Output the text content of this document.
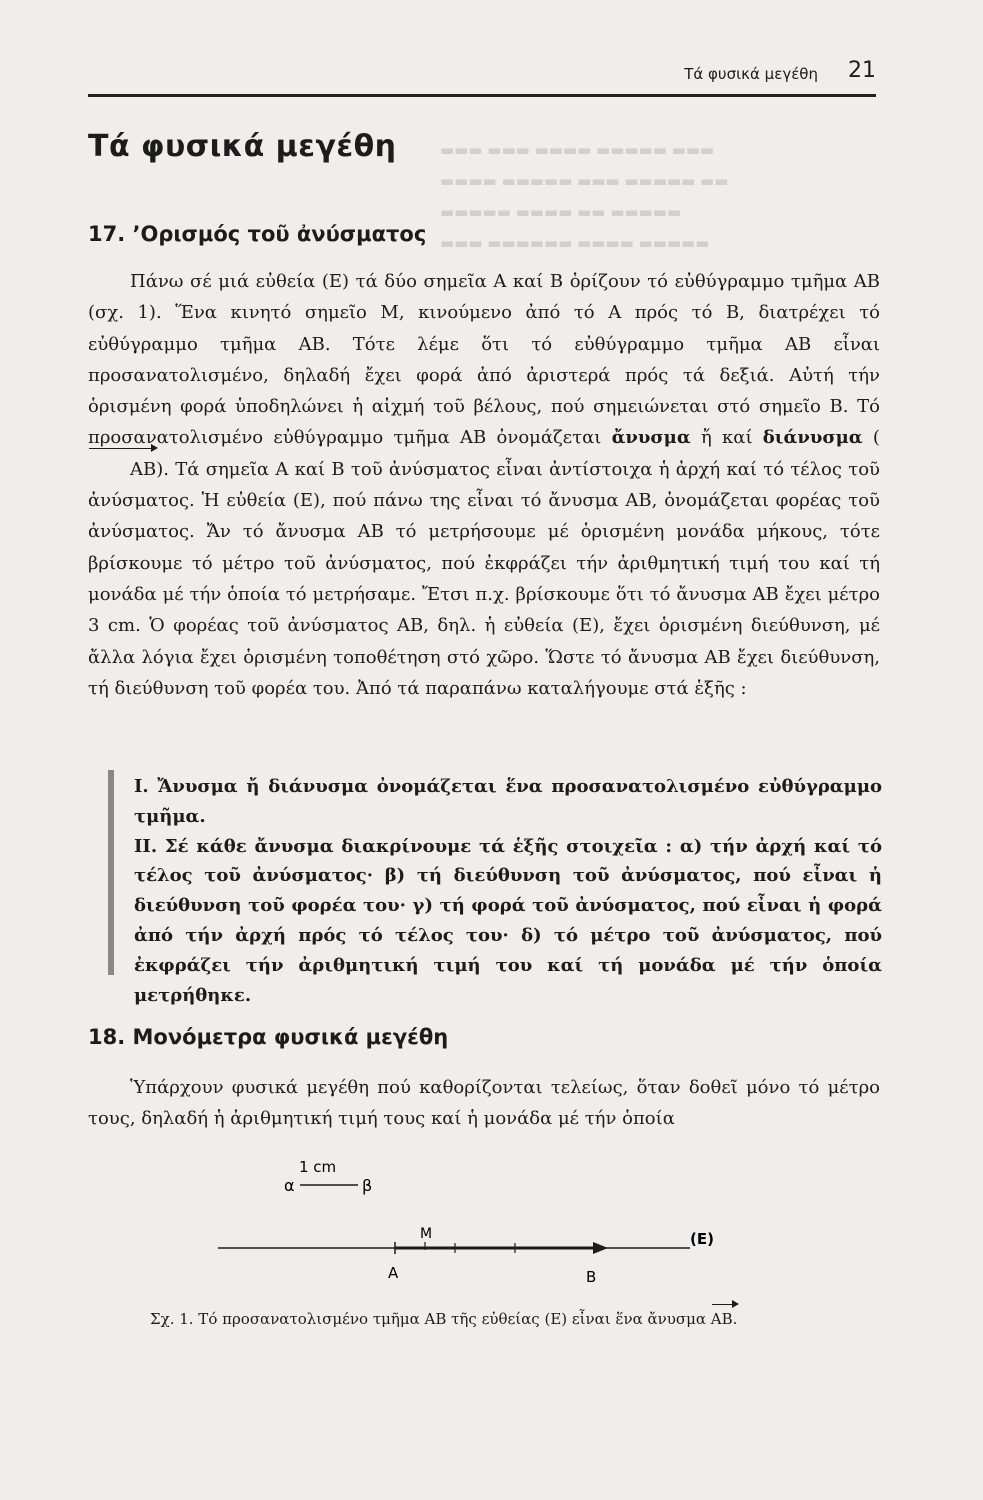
▬▬▬ ▬▬▬ ▬▬▬▬ ▬▬▬▬▬ ▬▬▬
▬▬▬▬ ▬▬▬▬▬ ▬▬▬ ▬▬▬▬▬ ▬▬
▬▬▬▬▬ ▬▬▬▬ ▬▬ ▬▬▬▬▬
▬▬▬ ▬▬▬▬▬▬ ▬▬▬▬ ▬▬▬▬▬
Τά φυσικά μεγέθη 21
Τά φυσικά μεγέθη
17. ’Ορισμός τοῦ ἀνύσματος

Πάνω σέ μιά εὐθεία (Ε) τά δύο σημεῖα Α καί Β ὁρίζουν τό εὐθύγραμμο τμῆμα ΑΒ (σχ. 1). Ἕνα κινητό σημεῖο Μ, κινούμενο ἀπό τό Α πρός τό Β, διατρέχει τό εὐθύγραμμο τμῆμα ΑΒ. Τότε λέμε ὅτι τό εὐθύγραμμο τμῆμα ΑΒ εἶναι προσανατολισμένο, δηλαδή ἔχει φορά ἀπό ἀριστερά πρός τά δεξιά. Αὐτή τήν ὁρισμένη φορά ὑποδηλώνει ἡ αἰχμή τοῦ βέλους, πού σημειώνεται στό σημεῖο Β. Τό προσανατολισμένο εὐθύγραμμο τμῆμα ΑΒ ὀνομάζεται ἄνυσμα ἤ καί διάνυσμα (ΑΒ). Τά σημεῖα Α καί Β τοῦ ἀνύσματος εἶναι ἀντίστοιχα ἡ ἀρχή καί τό τέλος τοῦ ἀνύσματος. Ἡ εὐθεία (Ε), πού πάνω της εἶναι τό ἄνυσμα ΑΒ, ὀνομάζεται φορέας τοῦ ἀνύσματος. Ἄν τό ἄνυσμα ΑΒ τό μετρήσουμε μέ ὁρισμένη μονάδα μήκους, τότε βρίσκουμε τό μέτρο τοῦ ἀνύσματος, πού ἐκφράζει τήν ἀριθμητική τιμή του καί τή μονάδα μέ τήν ὁποία τό μετρήσαμε. Ἔτσι π.χ. βρίσκουμε ὅτι τό ἄνυσμα ΑΒ ἔχει μέτρο 3 cm. Ὁ φορέας τοῦ ἀνύσματος ΑΒ, δηλ. ἡ εὐθεία (Ε), ἔχει ὁρισμένη διεύθυνση, μέ ἄλλα λόγια ἔχει ὁρισμένη τοποθέτηση στό χῶρο. Ὥστε τό ἄνυσμα ΑΒ ἔχει διεύθυνση, τή διεύθυνση τοῦ φορέα του. Ἀπό τά παραπάνω καταλήγουμε στά ἑξῆς :

I. Ἄνυσμα ἤ διάνυσμα ὀνομάζεται ἕνα προσανατολισμένο εὐθύγραμμο τμῆμα.

II. Σέ κάθε ἄνυσμα διακρίνουμε τά ἑξῆς στοιχεῖα : α) τήν ἀρχή καί τό τέλος τοῦ ἀνύσματος· β) τή διεύθυνση τοῦ ἀνύσματος, πού εἶναι ἡ διεύθυνση τοῦ φορέα του· γ) τή φορά τοῦ ἀνύσματος, πού εἶναι ἡ φορά ἀπό τήν ἀρχή πρός τό τέλος του· δ) τό μέτρο τοῦ ἀνύσματος, πού ἐκφράζει τήν ἀριθμητική τιμή του καί τή μονάδα μέ τήν ὁποία μετρήθηκε.

18. Μονόμετρα φυσικά μεγέθη

Ὑπάρχουν φυσικά μεγέθη πού καθορίζονται τελείως, ὅταν δοθεῖ μόνο τό μέτρο τους, δηλαδή ἡ ἀριθμητική τιμή τους καί ἡ μονάδα μέ τήν ὁποία

1 cm
α	β
M
A	B
(Ε)
Σχ. 1. Τό προσανατολισμένο τμῆμα ΑΒ τῆς εὐθείας (Ε) εἶναι ἕνα ἄνυσμα ΑΒ.
